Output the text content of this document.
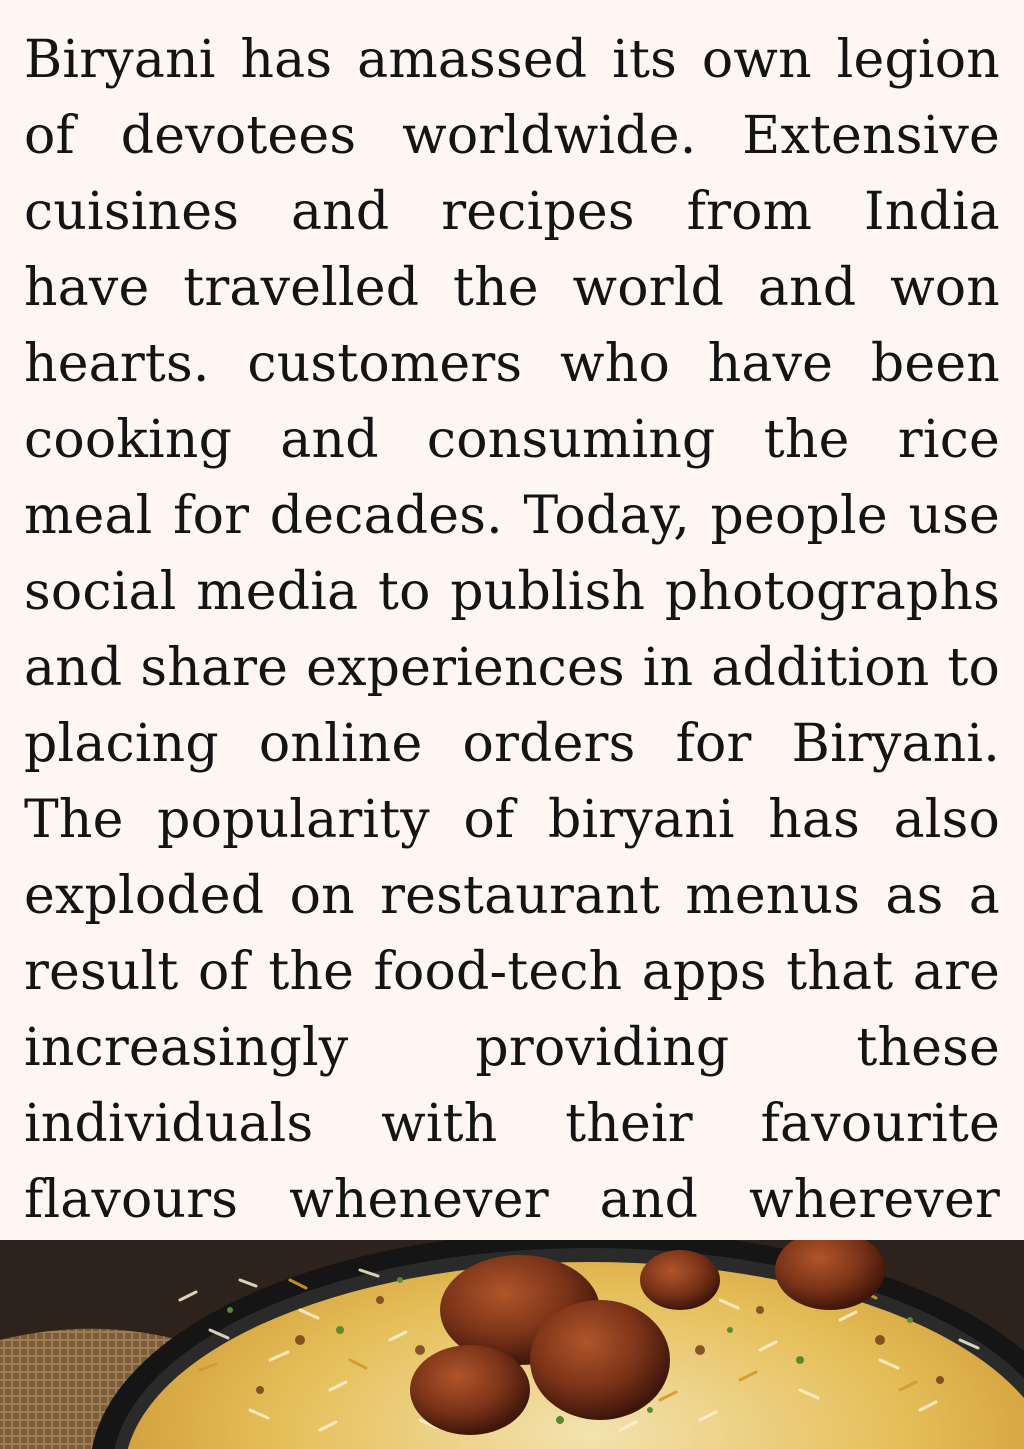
Biryani has amassed its own legion of devotees worldwide. Extensive cuisines and recipes from India have travelled the world and won hearts. customers who have been cooking and consuming the rice meal for decades. Today, people use social media to publish photographs and share experiences in addition to placing online orders for Biryani. The popularity of biryani has also exploded on restaurant menus as a result of the food-tech apps that are increasingly providing these individuals with their favourite flavours whenever and wherever
